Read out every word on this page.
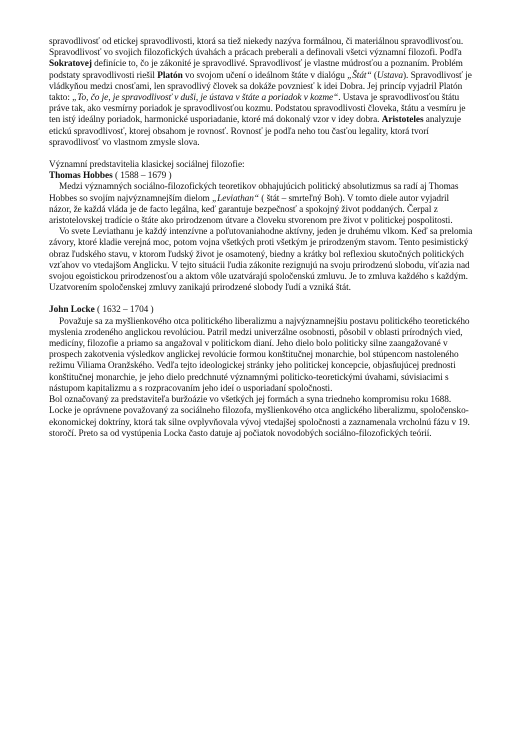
spravodlivosť od etickej spravodlivosti, ktorá sa tiež niekedy nazýva formálnou, či materiálnou spravodlivosťou.

Spravodlivosť vo svojich filozofických úvahách a prácach preberali a definovali všetci významní filozofi. Podľa Sokratovej definície to, čo je zákonité je spravodlivé. Spravodlivosť je vlastne múdrosťou a poznaním. Problém podstaty spravodlivosti riešil Platón vo svojom učení o ideálnom štáte v dialógu „Štát“ (Ustava). Spravodlivosť je vládkyňou medzi cnosťami, len spravodlivý človek sa dokáže povzniesť k idei Dobra. Jej princíp vyjadril Platón takto: „To, čo je, je spravodlivosť v duši, je ústava v štáte a poriadok v kozme“. Ustava je spravodlivosťou štátu práve tak, ako vesmírny poriadok je spravodlivosťou kozmu. Podstatou spravodlivosti človeka, štátu a vesmíru je ten istý ideálny poriadok, harmonické usporiadanie, ktoré má dokonalý vzor v idey dobra. Aristoteles analyzuje etickú spravodlivosť, ktorej obsahom je rovnosť. Rovnosť je podľa neho tou časťou legality, ktorá tvorí spravodlivosť vo vlastnom zmysle slova.

Významní predstavitelia klasickej sociálnej filozofie:

Thomas Hobbes ( 1588 – 1679 )

Medzi významných sociálno-filozofických teoretikov obhajujúcich politický absolutizmus sa radí aj Thomas Hobbes so svojím najvýznamnejším dielom „Leviathan“ ( štát – smrteľný Boh). V tomto diele autor vyjadril názor, že každá vláda je de facto legálna, keď garantuje bezpečnosť a spokojný život poddaných. Čerpal z aristotelovskej tradície o štáte ako prirodzenom útvare a človeku stvorenom pre život v politickej pospolitosti.

Vo svete Leviathanu je každý intenzívne a poľutovaniahodne aktívny, jeden je druhému vlkom. Keď sa prelomia závory, ktoré kladie verejná moc, potom vojna všetkých proti všetkým je prirodzeným stavom. Tento pesimistický obraz ľudského stavu, v ktorom ľudský život je osamotený, biedny a krátky bol reflexiou skutočných politických vzťahov vo vtedajšom Anglicku. V tejto situácii ľudia zákonite rezignujú na svoju prirodzenú slobodu, víťazia nad svojou egoistickou prirodzenosťou a aktom vôle uzatvárajú spoločenskú zmluvu. Je to zmluva každého s každým. Uzatvorením spoločenskej zmluvy zanikajú prirodzené slobody ľudí a vzniká štát.

John Locke ( 1632 – 1704 )

Považuje sa za myšlienkového otca politického liberalizmu a najvýznamnejšiu postavu politického teoretického myslenia zrodeného anglickou revolúciou. Patril medzi univerzálne osobnosti, pôsobil v oblasti prírodných vied, medicíny, filozofie a priamo sa angažoval v politickom dianí. Jeho dielo bolo politicky silne zaangažované v prospech zakotvenia výsledkov anglickej revolúcie formou konštitučnej monarchie, bol stúpencom nastoleného režimu Viliama Oranžského. Vedľa tejto ideologickej stránky jeho politickej koncepcie, objasňujúcej prednosti konštitučnej monarchie, je jeho dielo predchnuté významnými politicko-teoretickými úvahami, súvisiacimi s nástupom kapitalizmu a s rozpracovaním jeho ideí o usporiadaní spoločnosti.

Bol označovaný za predstaviteľa buržoázie vo všetkých jej formách a syna triedneho kompromisu roku 1688. Locke je oprávnene považovaný za sociálneho filozofa, myšlienkového otca anglického liberalizmu, spoločensko-ekonomickej doktríny, ktorá tak silne ovplyvňovala vývoj vtedajšej spoločnosti a zaznamenala vrcholnú fázu v 19. storočí. Preto sa od vystúpenia Locka často datuje aj počiatok novodobých sociálno-filozofických teórií.
